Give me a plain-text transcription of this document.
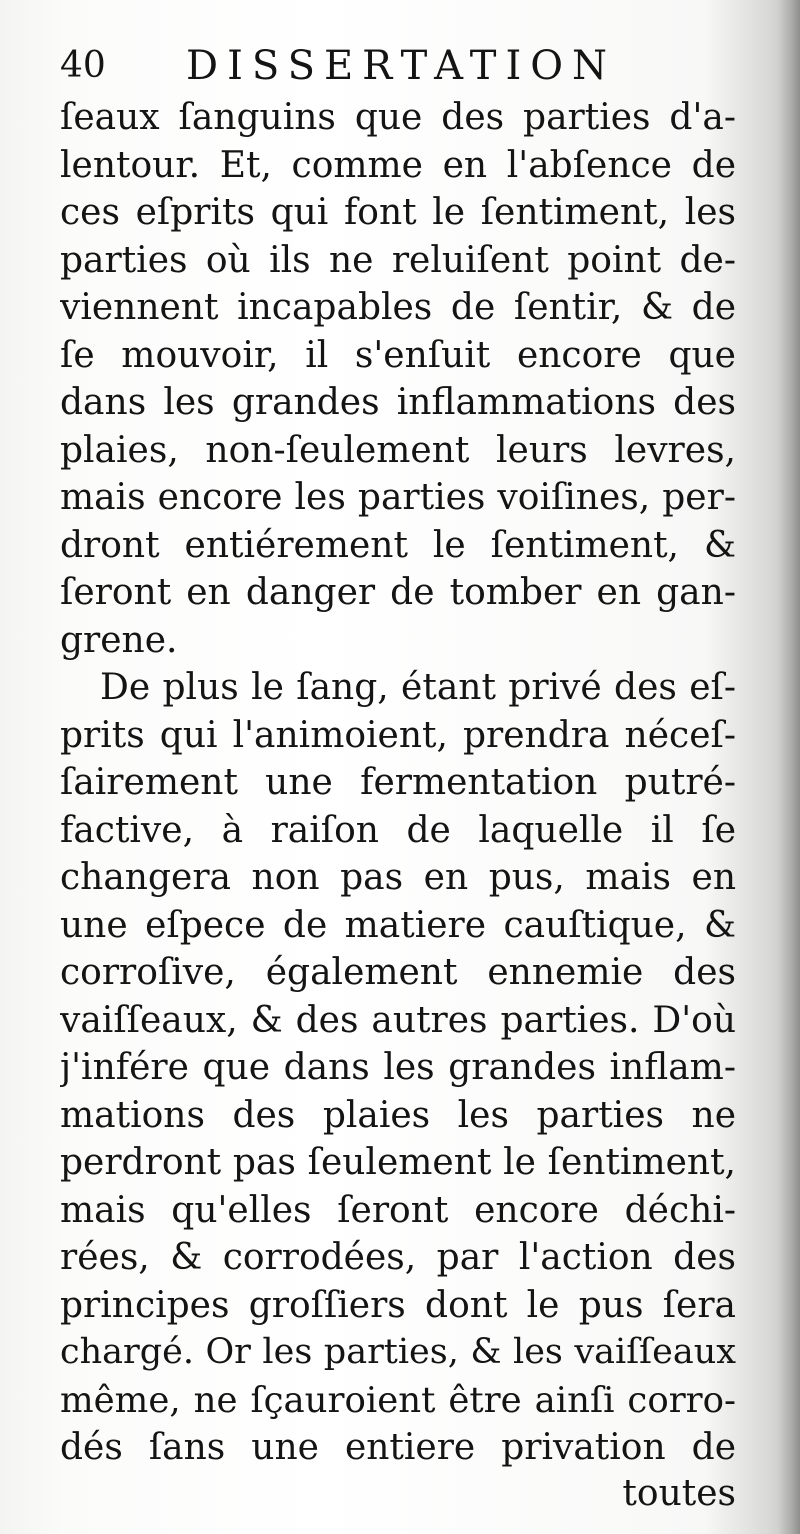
40 DISSERTATION
ſeaux ſanguins que des parties d'a-
lentour. Et, comme en l'abſence de
ces eſprits qui font le ſentiment, les
parties où ils ne reluiſent point de-
viennent incapables de ſentir, & de
ſe mouvoir, il s'enſuit encore que
dans les grandes inflammations des
plaies, non-ſeulement leurs levres,
mais encore les parties voiſines, per-
dront entiérement le ſentiment, &
ſeront en danger de tomber en gan-
grene.
De plus le ſang, étant privé des eſ-
prits qui l'animoient, prendra néceſ-
ſairement une fermentation putré-
factive, à raiſon de laquelle il ſe
changera non pas en pus, mais en
une eſpece de matiere cauſtique, &
corroſive, également ennemie des
vaiſſeaux, & des autres parties. D'où
j'infére que dans les grandes inflam-
mations des plaies les parties ne
perdront pas ſeulement le ſentiment,
mais qu'elles ſeront encore déchi-
rées, & corrodées, par l'action des
principes groſſiers dont le pus ſera
chargé. Or les parties, & les vaiſſeaux
même, ne ſçauroient être ainſi corro-
dés ſans une entiere privation de
toutes
